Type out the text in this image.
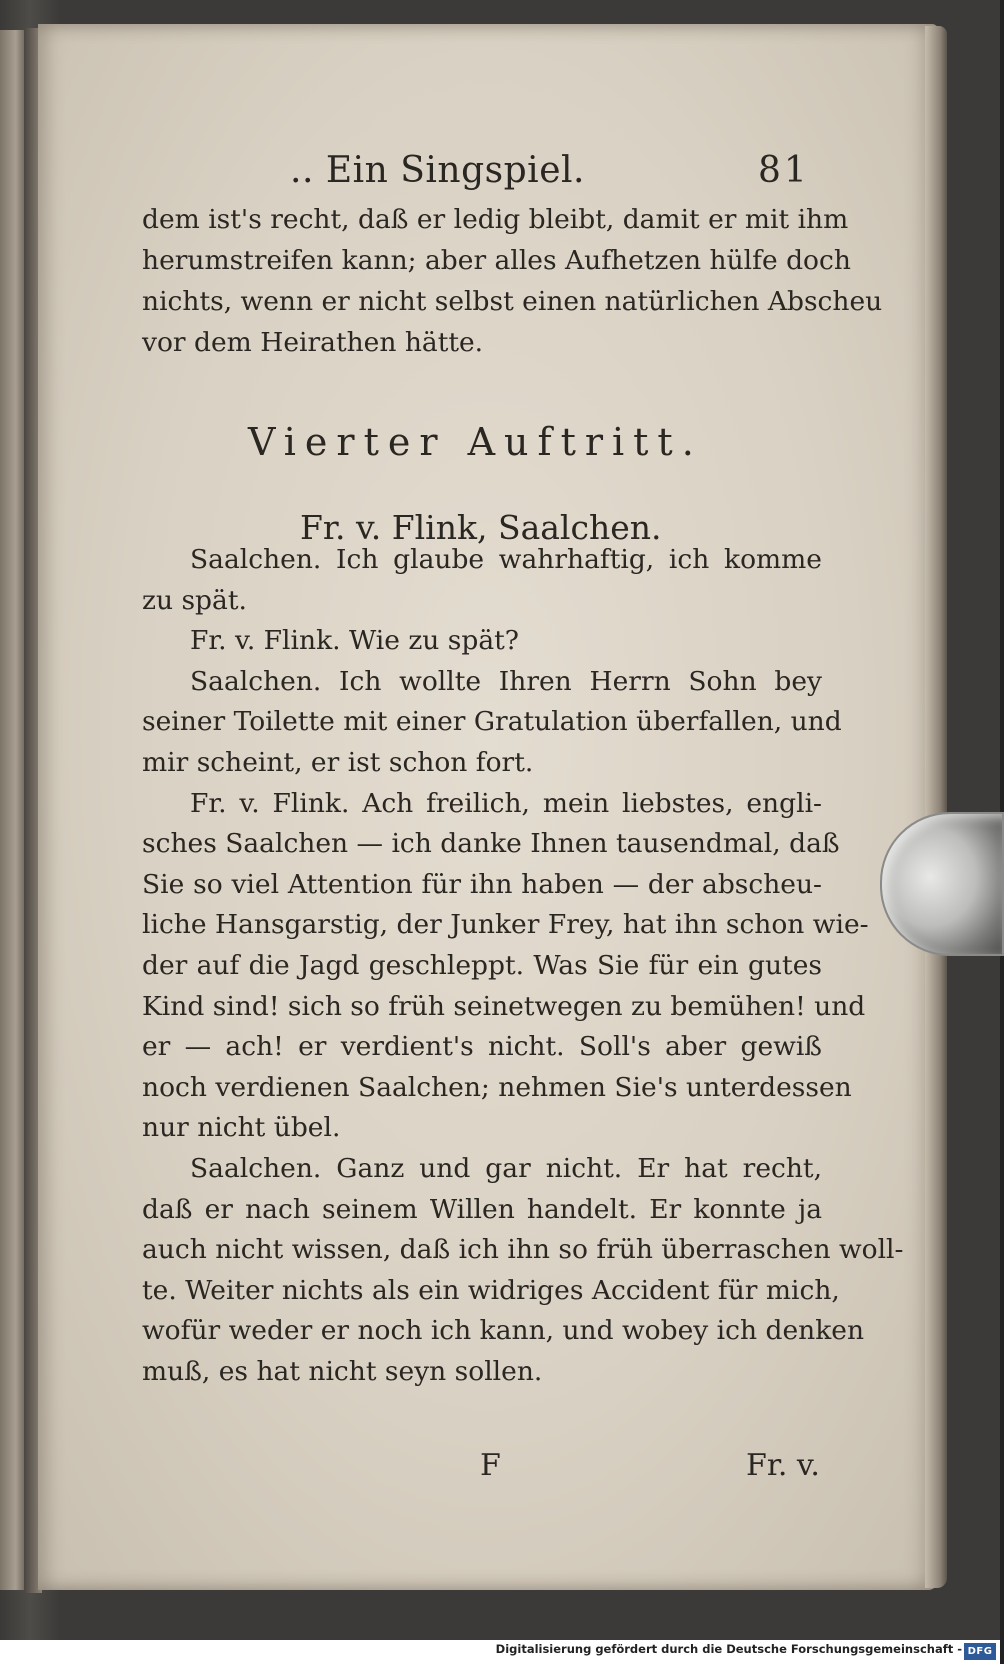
.. Ein Singspiel.	81
dem ist's recht, daß er ledig bleibt, damit er mit ihm
herumstreifen kann; aber alles Aufhetzen hülfe doch
nichts, wenn er nicht selbst einen natürlichen Abscheu
vor dem Heirathen hätte.
Vierter Auftritt.
Fr. v. Flink, Saalchen.
Saalchen. Ich glaube wahrhaftig, ich komme
zu spät.
Fr. v. Flink. Wie zu spät?
Saalchen. Ich wollte Ihren Herrn Sohn bey
seiner Toilette mit einer Gratulation überfallen, und
mir scheint, er ist schon fort.
Fr. v. Flink. Ach freilich, mein liebstes, engli-
sches Saalchen — ich danke Ihnen tausendmal, daß
Sie so viel Attention für ihn haben — der abscheu-
liche Hansgarstig, der Junker Frey, hat ihn schon wie-
der auf die Jagd geschleppt. Was Sie für ein gutes
Kind sind! sich so früh seinetwegen zu bemühen! und
er — ach! er verdient's nicht. Soll's aber gewiß
noch verdienen Saalchen; nehmen Sie's unterdessen
nur nicht übel.
Saalchen. Ganz und gar nicht. Er hat recht,
daß er nach seinem Willen handelt. Er konnte ja
auch nicht wissen, daß ich ihn so früh überraschen woll-
te. Weiter nichts als ein widriges Accident für mich,
wofür weder er noch ich kann, und wobey ich denken
muß, es hat nicht seyn sollen.
F	Fr. v.
Digitalisierung gefördert durch die Deutsche Forschungsgemeinschaft - DFG
